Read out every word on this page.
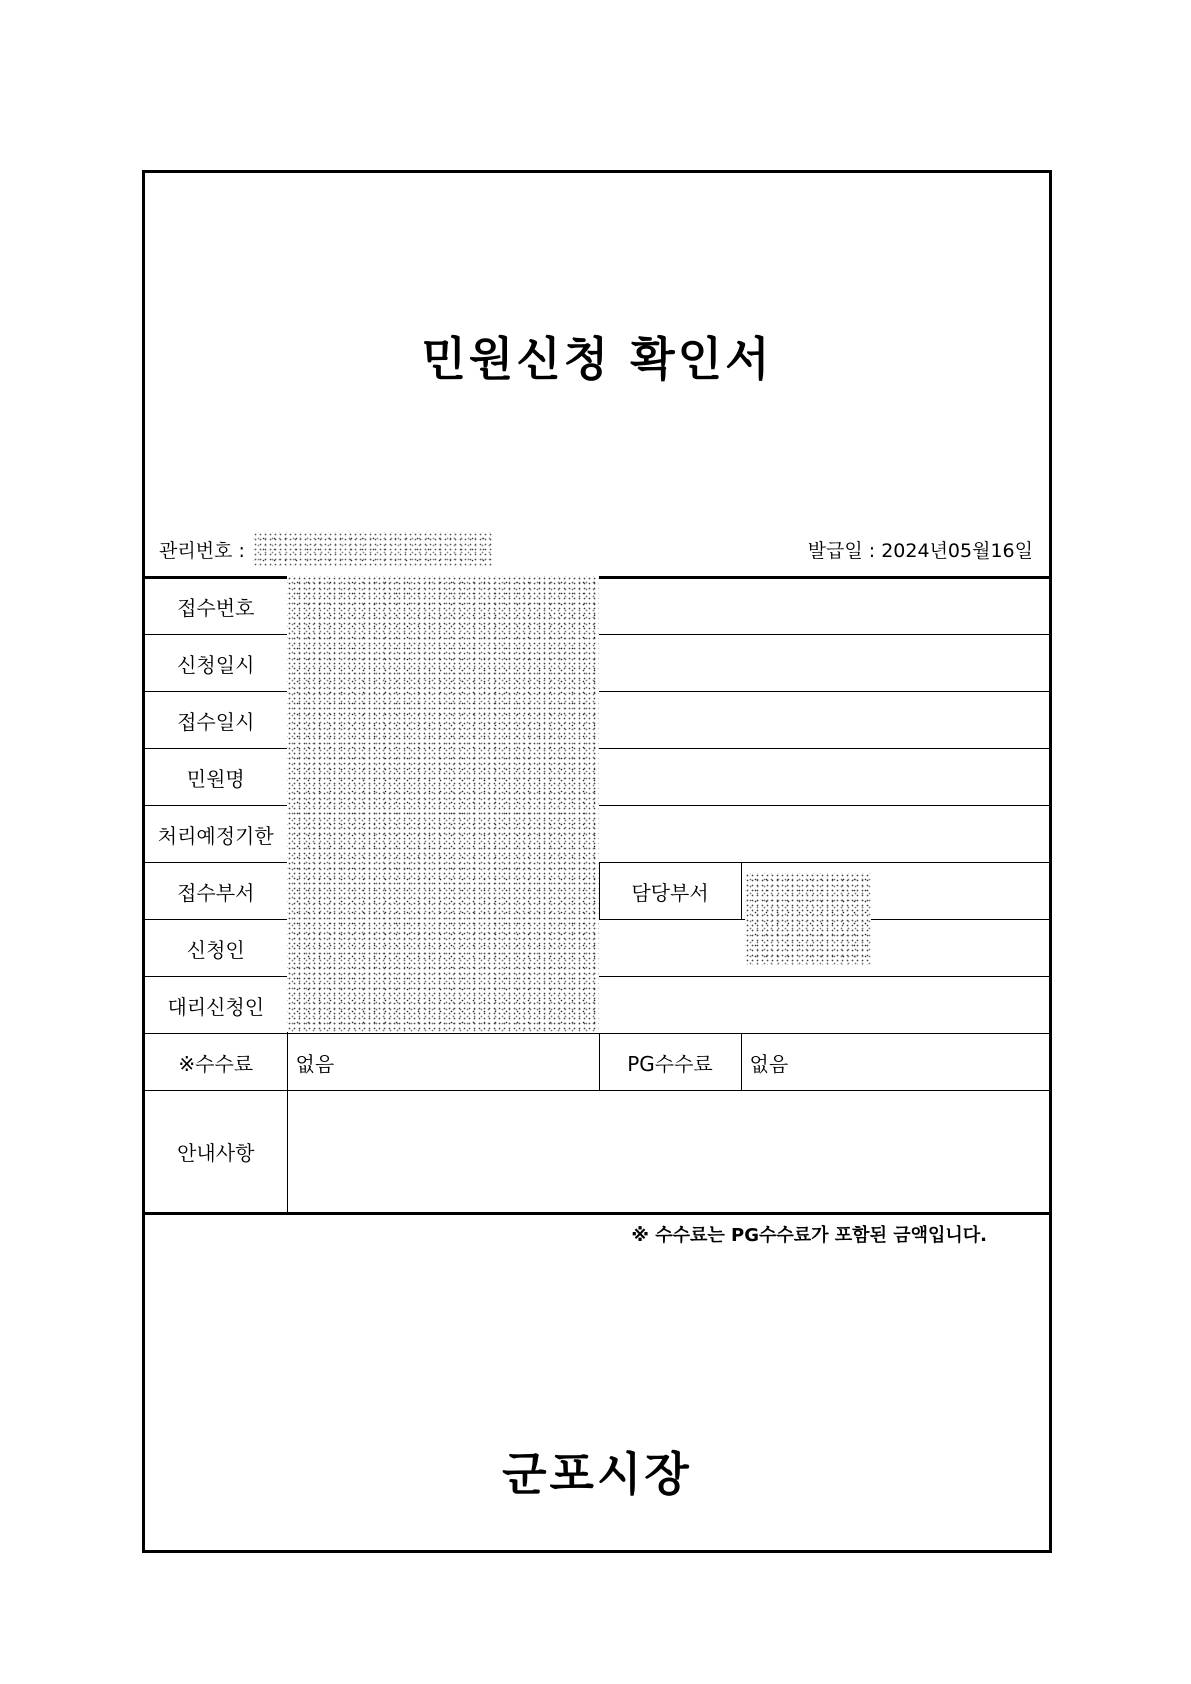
민원신청 확인서
관리번호 :	발급일 : 2024년05월16일
접수번호			
신청일시			
접수일시			
민원명			
처리예정기한			
접수부서		담당부서	
신청인			
대리신청인			
※수수료	없음	PG수수료	없음
안내사항			
※ 수수료는 PG수수료가 포함된 금액입니다.
군포시장
